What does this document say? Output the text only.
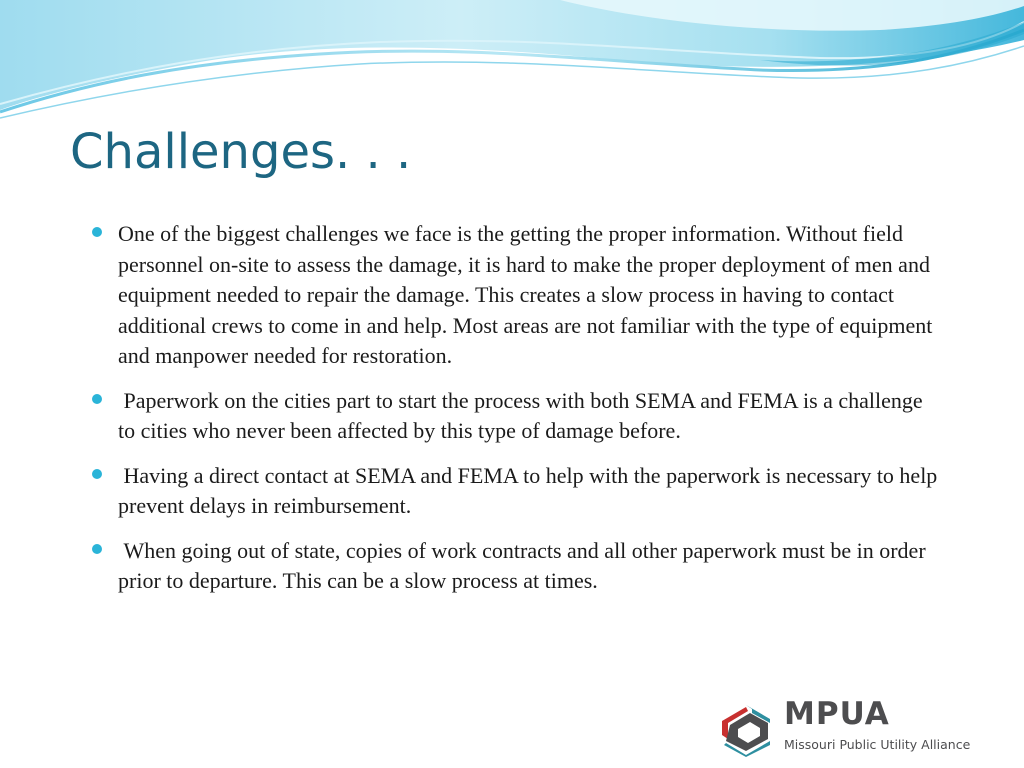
Challenges. . .
One of the biggest challenges we face is the getting the proper information. Without field personnel on-site to assess the damage, it is hard to make the proper deployment of men and equipment needed to repair the damage. This creates a slow process in having to contact additional crews to come in and help. Most areas are not familiar with the type of equipment and manpower needed for restoration.
Paperwork on the cities part to start the process with both SEMA and FEMA is a challenge to cities who never been affected by this type of damage before.
Having a direct contact at SEMA and FEMA to help with the paperwork is necessary to help prevent delays in reimbursement.
When going out of state, copies of work contracts and all other paperwork must be in order prior to departure. This can be a slow process at times.
MPUA
Missouri Public Utility Alliance
